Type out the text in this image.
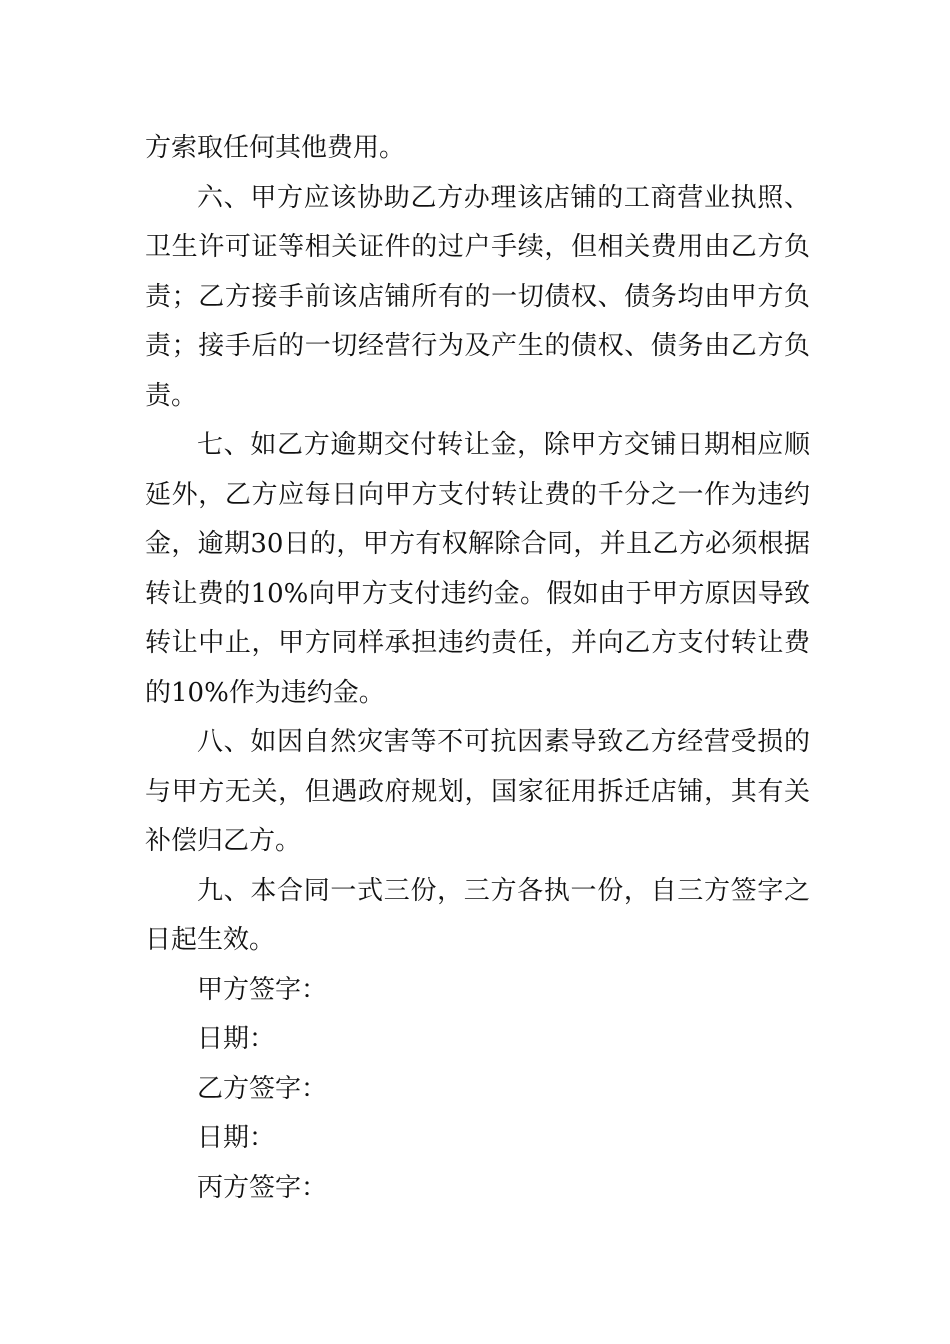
方索取任何其他费用。

六、甲方应该协助乙方办理该店铺的工商营业执照、卫生许可证等相关证件的过户手续，但相关费用由乙方负责；乙方接手前该店铺所有的一切债权、债务均由甲方负责；接手后的一切经营行为及产生的债权、债务由乙方负责。

七、如乙方逾期交付转让金，除甲方交铺日期相应顺延外，乙方应每日向甲方支付转让费的千分之一作为违约金，逾期30日的，甲方有权解除合同，并且乙方必须根据转让费的10%向甲方支付违约金。假如由于甲方原因导致转让中止，甲方同样承担违约责任，并向乙方支付转让费的10%作为违约金。

八、如因自然灾害等不可抗因素导致乙方经营受损的与甲方无关，但遇政府规划，国家征用拆迁店铺，其有关补偿归乙方。

九、本合同一式三份，三方各执一份，自三方签字之日起生效。

甲方签字：

日期：

乙方签字：

日期：

丙方签字：
